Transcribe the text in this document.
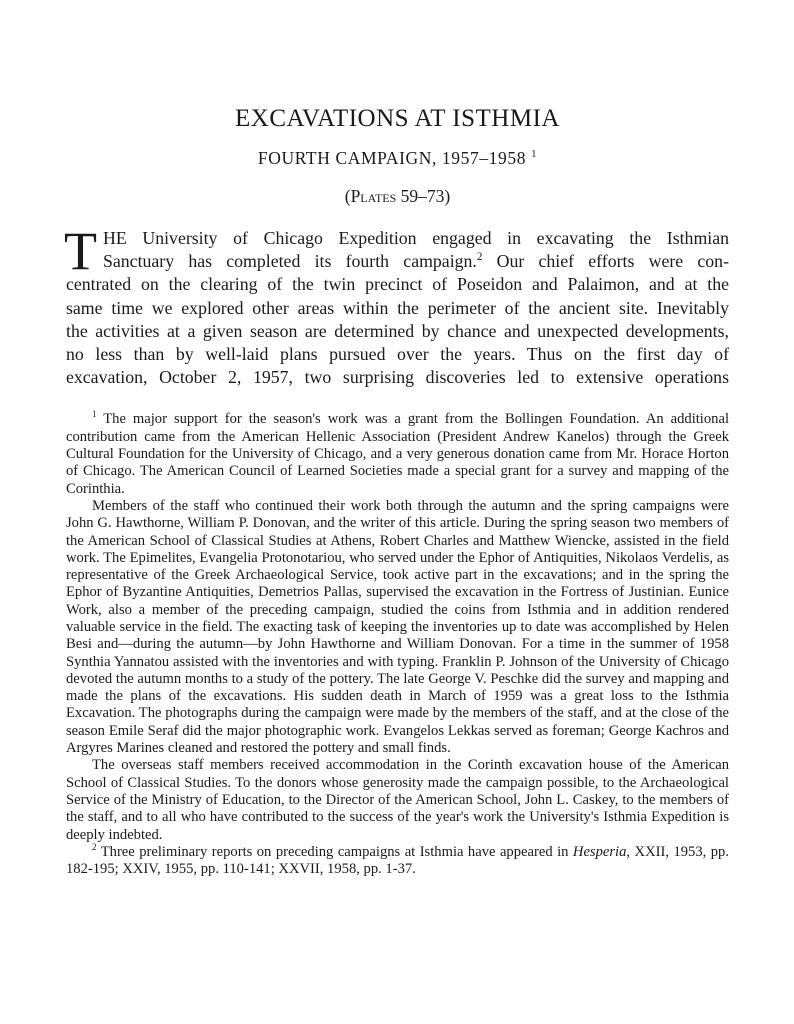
EXCAVATIONS AT ISTHMIA
FOURTH CAMPAIGN, 1957–1958 $^1$
(Plates 59–73)
T HE University of Chicago Expedition engaged in excavating the Isthmian
Sanctuary has completed its fourth campaign.$^2$ Our chief efforts were con-
centrated on the clearing of the twin precinct of Poseidon and Palaimon, and at the
same time we explored other areas within the perimeter of the ancient site. Inevitably
the activities at a given season are determined by chance and unexpected developments,
no less than by well-laid plans pursued over the years. Thus on the first day of
excavation, October 2, 1957, two surprising discoveries led to extensive operations

$^1$ The major support for the season's work was a grant from the Bollingen Foundation. An additional contribution came from the American Hellenic Association (President Andrew Kanelos) through the Greek Cultural Foundation for the University of Chicago, and a very generous donation came from Mr. Horace Horton of Chicago. The American Council of Learned Societies made a special grant for a survey and mapping of the Corinthia.

Members of the staff who continued their work both through the autumn and the spring campaigns were John G. Hawthorne, William P. Donovan, and the writer of this article. During the spring season two members of the American School of Classical Studies at Athens, Robert Charles and Matthew Wiencke, assisted in the field work. The Epimelites, Evangelia Protonotariou, who served under the Ephor of Antiquities, Nikolaos Verdelis, as representative of the Greek Archaeological Service, took active part in the excavations; and in the spring the Ephor of Byzantine Antiquities, Demetrios Pallas, supervised the excavation in the Fortress of Justinian. Eunice Work, also a member of the preceding campaign, studied the coins from Isthmia and in addition rendered valuable service in the field. The exacting task of keeping the inventories up to date was accomplished by Helen Besi and—during the autumn—by John Hawthorne and William Donovan. For a time in the summer of 1958 Synthia Yannatou assisted with the inventories and with typing. Franklin P. Johnson of the University of Chicago devoted the autumn months to a study of the pottery. The late George V. Peschke did the survey and mapping and made the plans of the excavations. His sudden death in March of 1959 was a great loss to the Isthmia Excavation. The photographs during the campaign were made by the members of the staff, and at the close of the season Emile Seraf did the major photographic work. Evangelos Lekkas served as foreman; George Kachros and Argyres Marines cleaned and restored the pottery and small finds.

The overseas staff members received accommodation in the Corinth excavation house of the American School of Classical Studies. To the donors whose generosity made the campaign possible, to the Archaeological Service of the Ministry of Education, to the Director of the American School, John L. Caskey, to the members of the staff, and to all who have contributed to the success of the year's work the University's Isthmia Expedition is deeply indebted.

$^2$ Three preliminary reports on preceding campaigns at Isthmia have appeared in Hesperia, XXII, 1953, pp. 182-195; XXIV, 1955, pp. 110-141; XXVII, 1958, pp. 1-37.
